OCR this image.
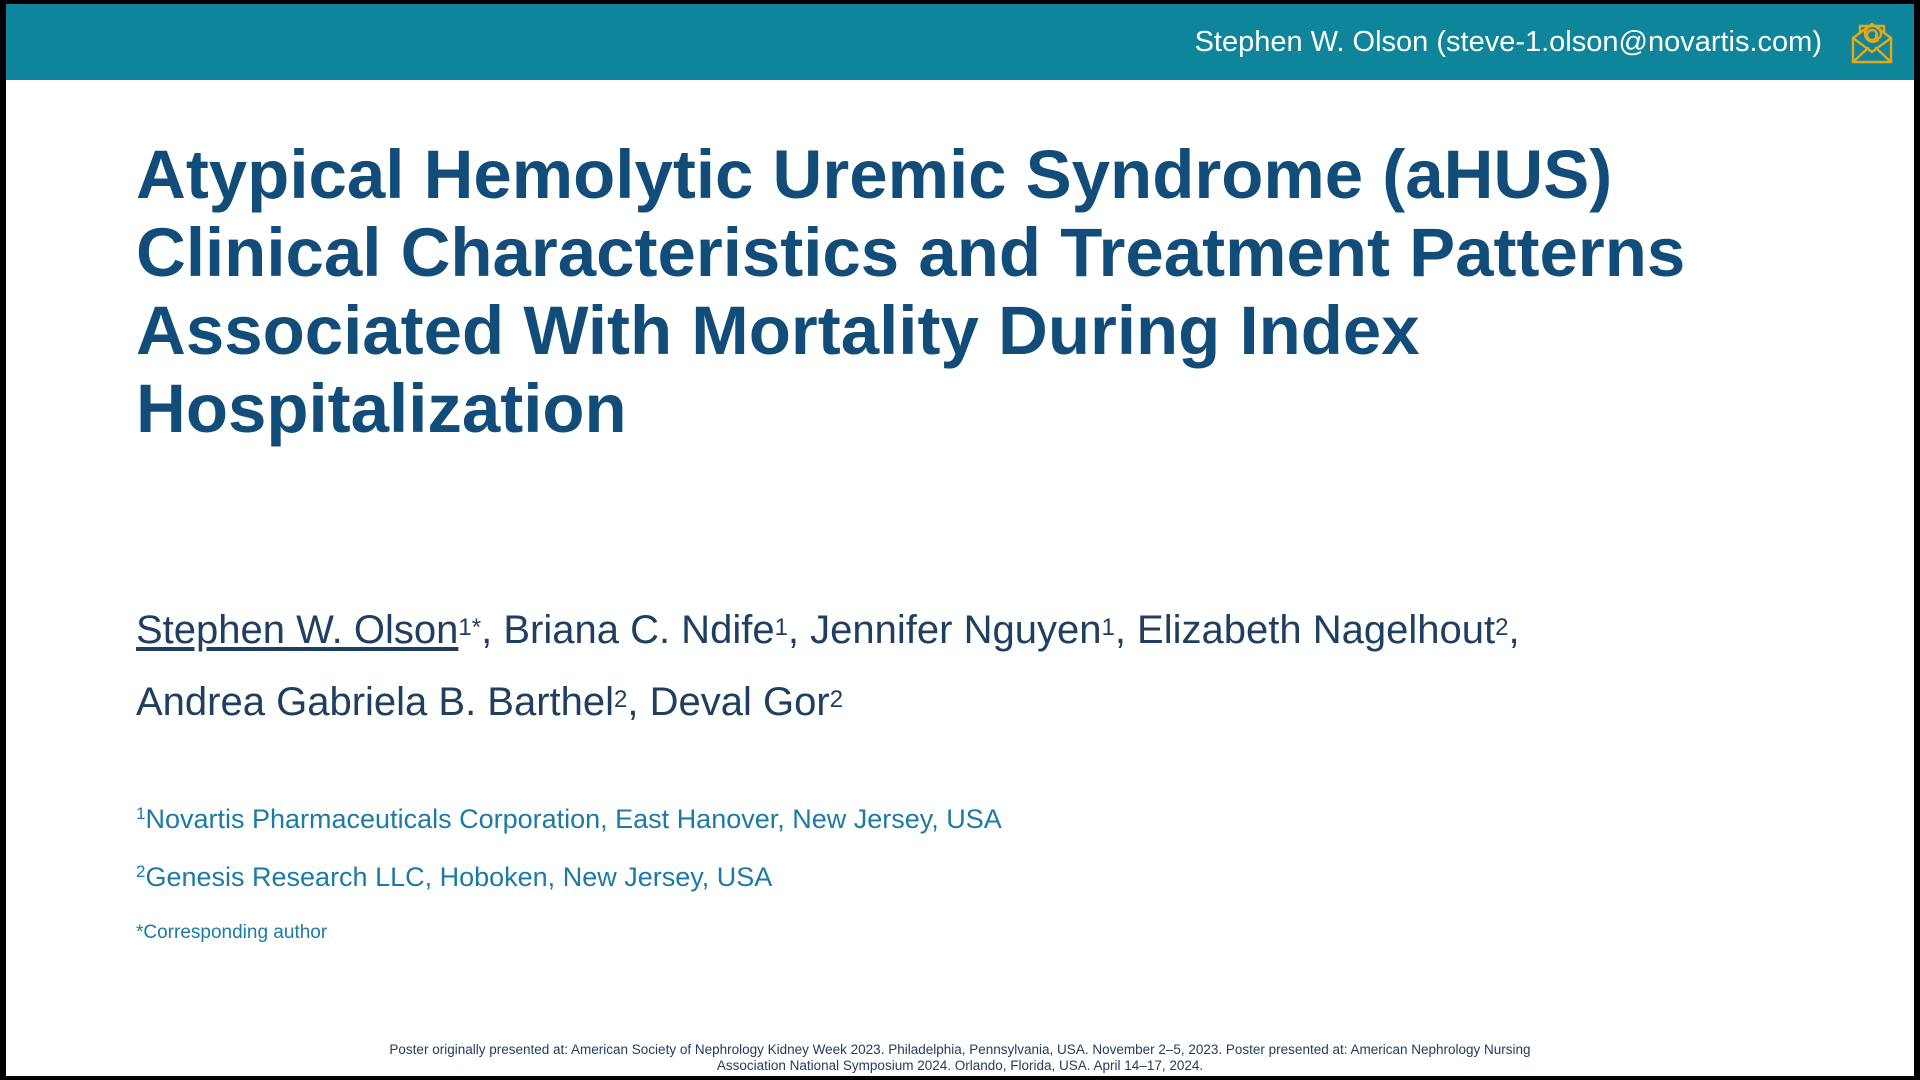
Stephen W. Olson (steve-1.olson@novartis.com)
Atypical Hemolytic Uremic Syndrome (aHUS)
Clinical Characteristics and Treatment Patterns
Associated With Mortality During Index
Hospitalization
Stephen W. Olson$^{1*}$, Briana C. Ndife$^1$, Jennifer Nguyen$^1$, Elizabeth Nagelhout$^2$,
Andrea Gabriela B. Barthel$^2$, Deval Gor$^2$
$^1$Novartis Pharmaceuticals Corporation, East Hanover, New Jersey, USA
$^2$Genesis Research LLC, Hoboken, New Jersey, USA
*Corresponding author
Poster originally presented at: American Society of Nephrology Kidney Week 2023. Philadelphia, Pennsylvania, USA. November 2–5, 2023. Poster presented at: American Nephrology Nursing
Association National Symposium 2024. Orlando, Florida, USA. April 14–17, 2024.
